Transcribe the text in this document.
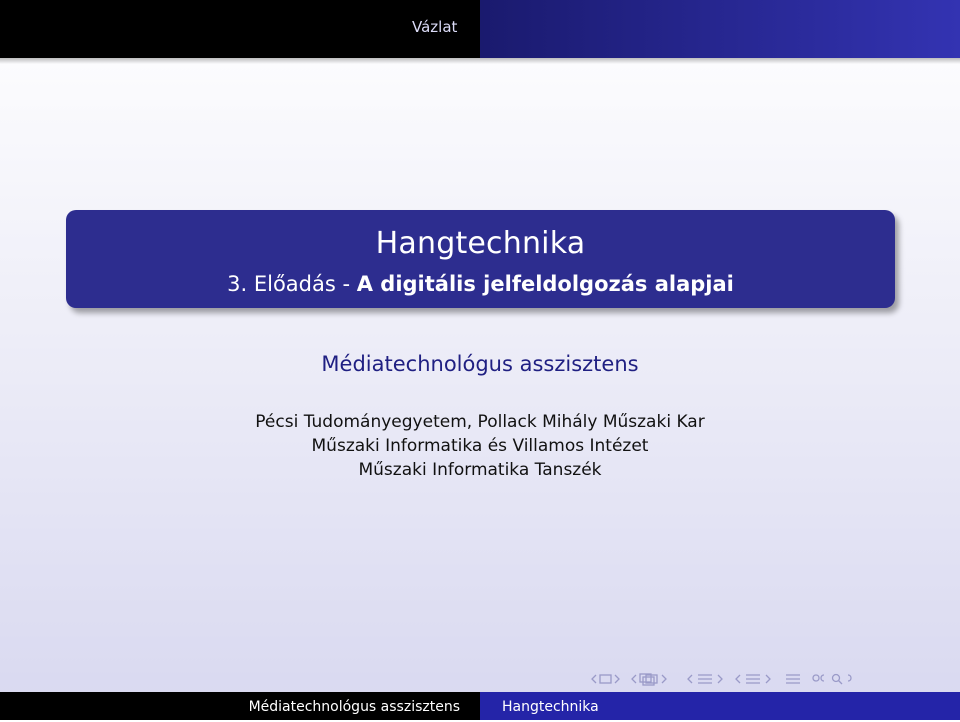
Vázlat
Hangtechnika
3. Előadás - A digitális jelfeldolgozás alapjai
Médiatechnológus asszisztens
Pécsi Tudományegyetem, Pollack Mihály Műszaki Kar
Műszaki Informatika és Villamos Intézet
Műszaki Informatika Tanszék
Médiatechnológus asszisztens	Hangtechnika
